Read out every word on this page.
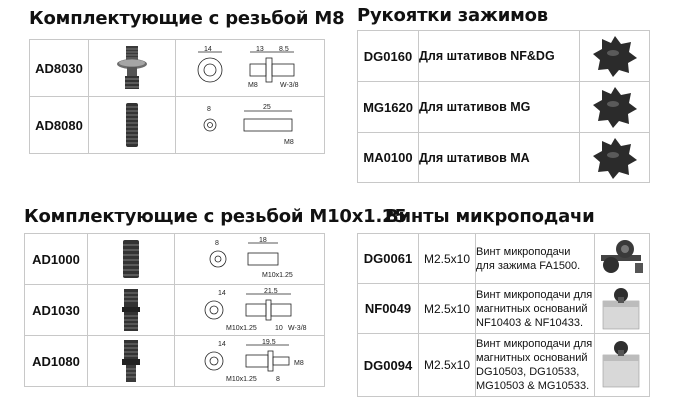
Комплектующие с резьбой M8 Рукоятки зажимов
Комплектующие с резьбой M10x1.25
Винты микроподачи
AD8030		14 13 8.5
M8 W-3/8

AD8080		8 25
M8
DG0160	Для штативов NF&DG	

MG1620	Для штативов MG	

MA0100	Для штативов MA	
AD1000		8 18
M10x1.25

AD1030		14 21.5
M10x1.25 10 W-3/8

AD1080		14 19.5
M10x1.25 8
M8
DG0061	M2.5x10	Винт микроподачи
для зажима FA1500.

NF0049	M2.5x10	Винт микроподачи для
магнитных оснований
NF10403 & NF10433.

DG0094	M2.5x10	Винт микроподачи для
магнитных оснований
DG10503, DG10533,
MG10503 & MG10533.
